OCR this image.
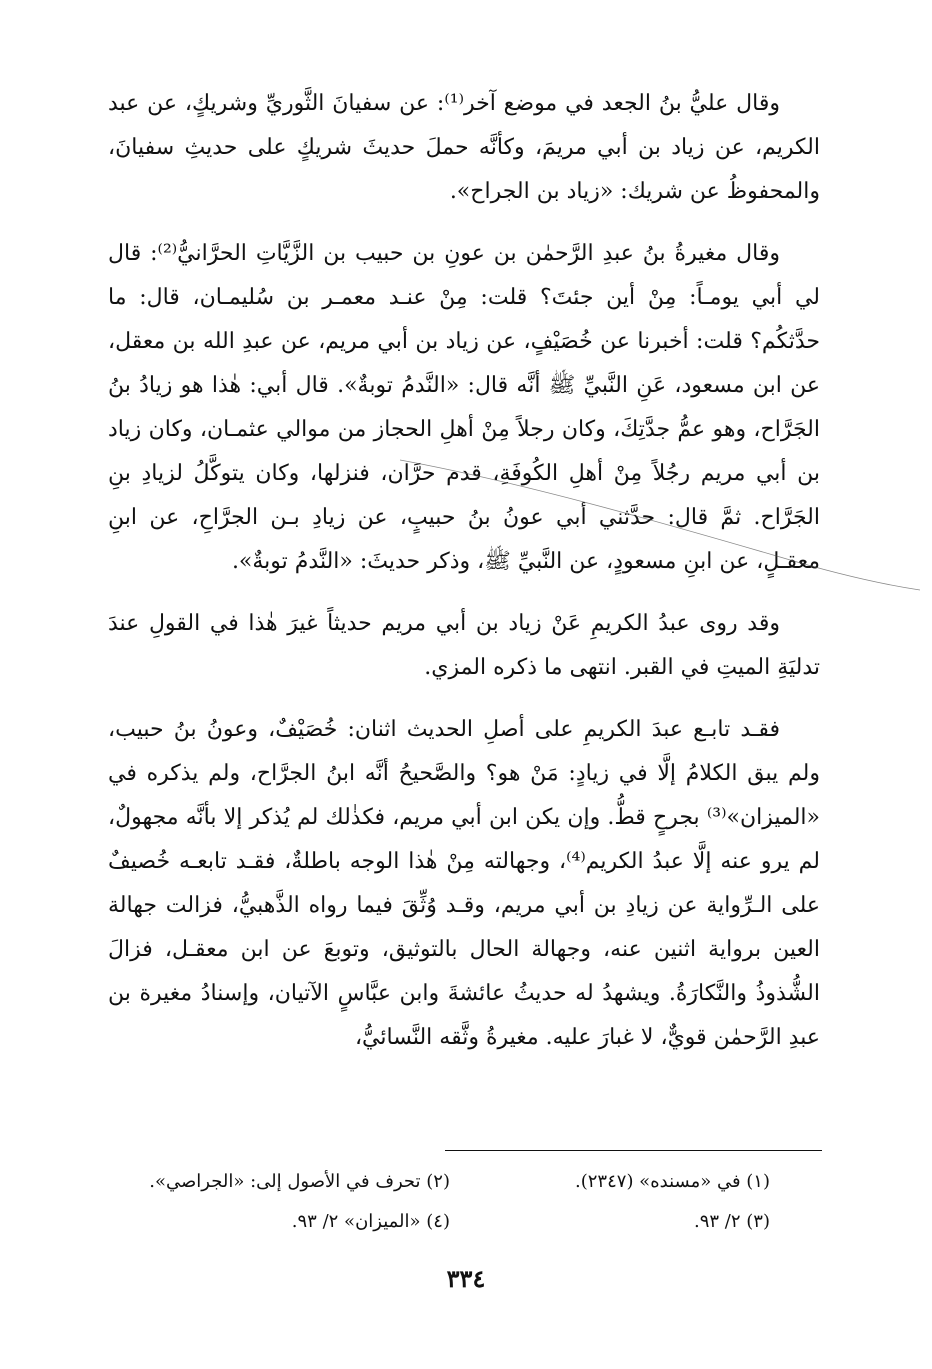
وقال عليُّ بنُ الجعد في موضع آخر⁽¹⁾: عن سفيانَ الثَّوريِّ وشريكٍ، عن عبد الكريم، عن زياد بن أبي مريمَ، وكأنَّه حملَ حديثَ شريكٍ على حديثِ سفيانَ، والمحفوظُ عن شريك: «زياد بن الجراح».

وقال مغيرةُ بنُ عبدِ الرَّحمٰن بن عونِ بن حبيب بن الزَّيَّاتِ الحرَّانيُّ⁽²⁾: قال لي أبي يومـاً: مِنْ أين جئتَ؟ قلت: مِنْ عنـد معمـر بن سُليمـان، قال: ما حدَّثكُم؟ قلت: أخبرنا عن خُصَيْفٍ، عن زياد بن أبي مريم، عن عبدِ الله بن معقل، عن ابن مسعود، عَنِ النَّبيِّ ﷺ أنَّه قال: «النَّدمُ توبةٌ». قال أبي: هٰذا هو زيادُ بنُ الجَرَّاح، وهو عمُّ جدَّتِكَ، وكان رجلاً مِنْ أهلِ الحجاز من موالي عثمـان، وكان زياد بن أبي مريم رجُلاً مِنْ أهلِ الكُوفَةِ، قدم حرَّان، فنزلها، وكان يتوكَّلُ لزيادِ بنِ الجَرَّاح. ثمَّ قال: حدَّثني أبي عونُ بنُ حبيبٍ، عن زيادِ بـن الجرَّاحِ، عن ابنِ معقـلٍ، عن ابنِ مسعودٍ، عن النَّبيِّ ﷺ، وذكر حديثَ: «النَّدمُ توبةٌ».

وقد روى عبدُ الكريمِ عَنْ زياد بن أبي مريم حديثاً غيرَ هٰذا في القولِ عندَ تدليَةِ الميتِ في القبر. انتهى ما ذكره المزي.

فقـد تابـع عبدَ الكريمِ على أصلِ الحديث اثنان: خُصَيْفٌ، وعونُ بنُ حبيب، ولم يبق الكلامُ إلَّا في زيادٍ: مَنْ هو؟ والصَّحيحُ أنَّه ابنُ الجرَّاح، ولم يذكره في «الميزان»⁽³⁾ بجرحٍ قطُّ. وإن يكن ابن أبي مريم، فكذٰلك لم يُذكر إلا بأنَّه مجهولٌ، لم يرو عنه إلَّا عبدُ الكريم⁽⁴⁾، وجهالته مِنْ هٰذا الوجه باطلةٌ، فقـد تابعـه خُصيفٌ على الـرِّواية عن زيادِ بن أبي مريم، وقـد وُثِّقَ فيما رواه الذَّهبيُّ، فزالت جهالة العين برواية اثنين عنه، وجهالة الحال بالتوثيق، وتوبعَ عن ابن معقـل، فزالَ الشُّذوذُ والنَّكارَةُ. ويشهدُ له حديثُ عائشةَ وابن عبَّاسٍ الآتيان، وإسنادُ مغيرة بن عبدِ الرَّحمٰن قويٌّ، لا غبارَ عليه. مغيرةُ وثَّقه النَّسائيُّ،

(١) في «مسنده» (٢٣٤٧).
(٢) تحرف في الأصول إلى: «الجراصي».
(٣) ٢/ ٩٣.
(٤) «الميزان» ٢/ ٩٣.
٣٣٤
